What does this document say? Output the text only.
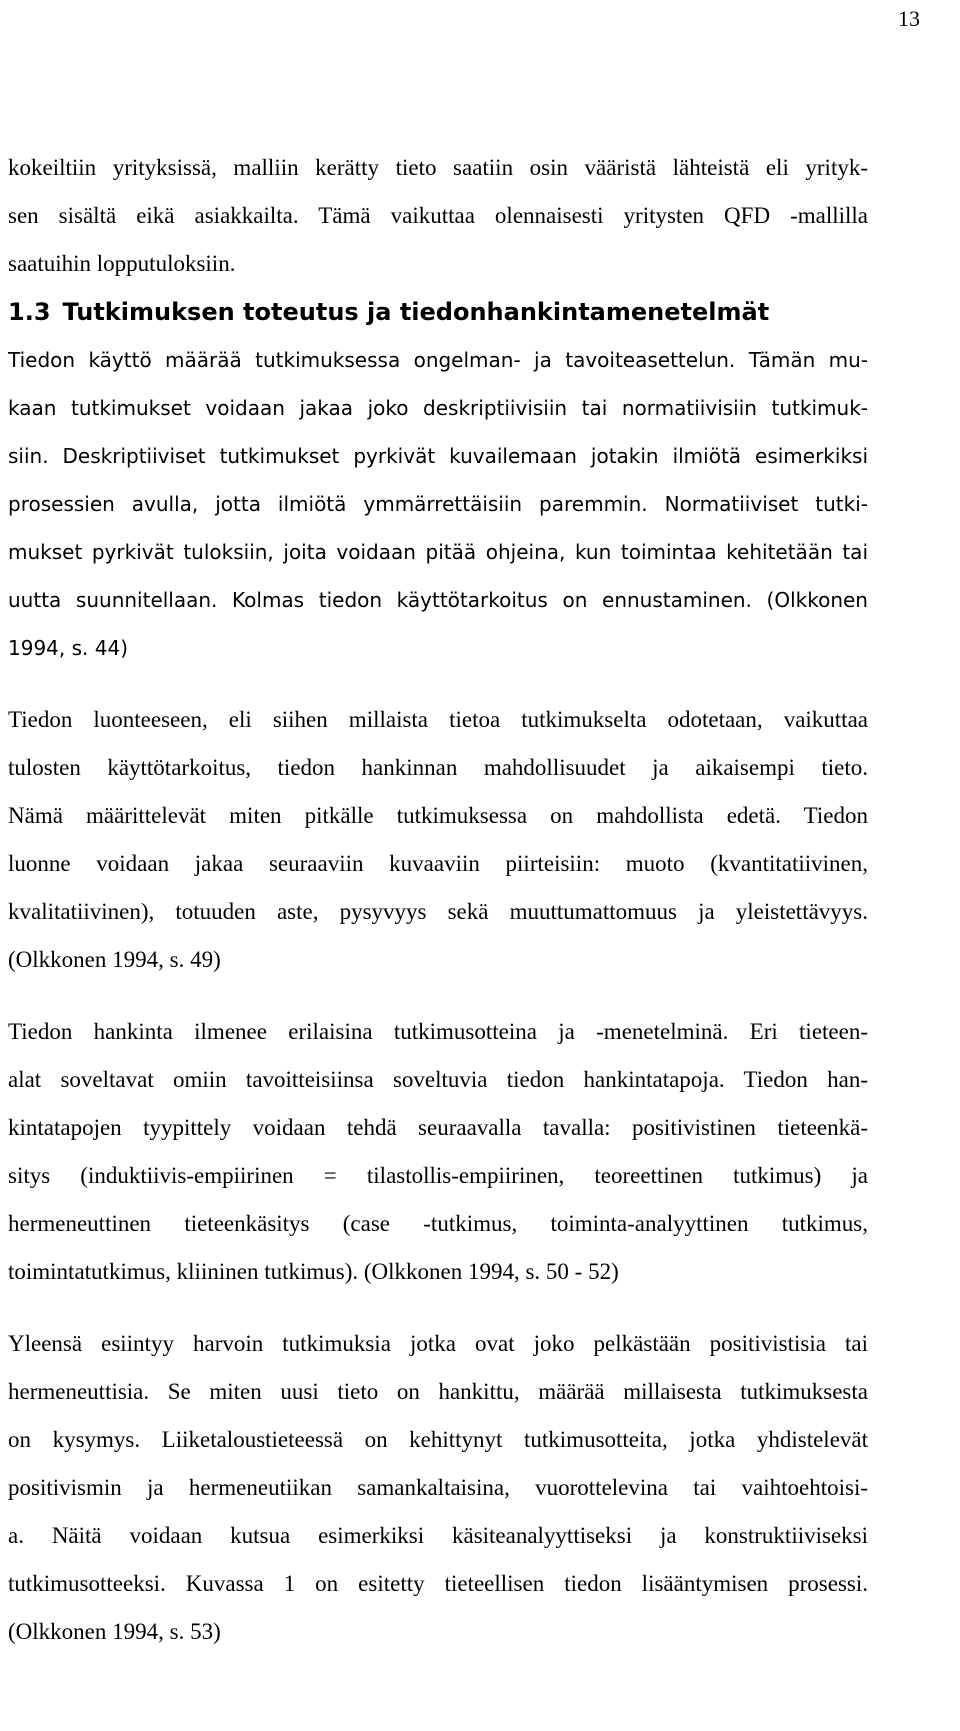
13

kokeiltiin yrityksissä, malliin kerätty tieto saatiin osin vääristä lähteistä eli yrityk-
sen sisältä eikä asiakkailta. Tämä vaikuttaa olennaisesti yritysten QFD -mallilla
saatuihin lopputuloksiin.

1.3 Tutkimuksen toteutus ja tiedonhankintamenetelmät

Tiedon käyttö määrää tutkimuksessa ongelman- ja tavoiteasettelun. Tämän mu-
kaan tutkimukset voidaan jakaa joko deskriptiivisiin tai normatiivisiin tutkimuk-
siin. Deskriptiiviset tutkimukset pyrkivät kuvailemaan jotakin ilmiötä esimerkiksi
prosessien avulla, jotta ilmiötä ymmärrettäisiin paremmin. Normatiiviset tutki-
mukset pyrkivät tuloksiin, joita voidaan pitää ohjeina, kun toimintaa kehitetään tai
uutta suunnitellaan. Kolmas tiedon käyttötarkoitus on ennustaminen. (Olkkonen
1994, s. 44)

Tiedon luonteeseen, eli siihen millaista tietoa tutkimukselta odotetaan, vaikuttaa
tulosten käyttötarkoitus, tiedon hankinnan mahdollisuudet ja aikaisempi tieto.
Nämä määrittelevät miten pitkälle tutkimuksessa on mahdollista edetä. Tiedon
luonne voidaan jakaa seuraaviin kuvaaviin piirteisiin: muoto (kvantitatiivinen,
kvalitatiivinen), totuuden aste, pysyvyys sekä muuttumattomuus ja yleistettävyys.
(Olkkonen 1994, s. 49)

Tiedon hankinta ilmenee erilaisina tutkimusotteina ja -menetelminä. Eri tieteen-
alat soveltavat omiin tavoitteisiinsa soveltuvia tiedon hankintatapoja. Tiedon han-
kintatapojen tyypittely voidaan tehdä seuraavalla tavalla: positivistinen tieteenkä-
sitys (induktiivis-empiirinen = tilastollis-empiirinen, teoreettinen tutkimus) ja
hermeneuttinen tieteenkäsitys (case -tutkimus, toiminta-analyyttinen tutkimus,
toimintatutkimus, kliininen tutkimus). (Olkkonen 1994, s. 50 - 52)

Yleensä esiintyy harvoin tutkimuksia jotka ovat joko pelkästään positivistisia tai
hermeneuttisia. Se miten uusi tieto on hankittu, määrää millaisesta tutkimuksesta
on kysymys. Liiketaloustieteessä on kehittynyt tutkimusotteita, jotka yhdistelevät
positivismin ja hermeneutiikan samankaltaisina, vuorottelevina tai vaihtoehtoisi-
a. Näitä voidaan kutsua esimerkiksi käsiteanalyyttiseksi ja konstruktiiviseksi
tutkimusotteeksi. Kuvassa 1 on esitetty tieteellisen tiedon lisääntymisen prosessi.
(Olkkonen 1994, s. 53)
